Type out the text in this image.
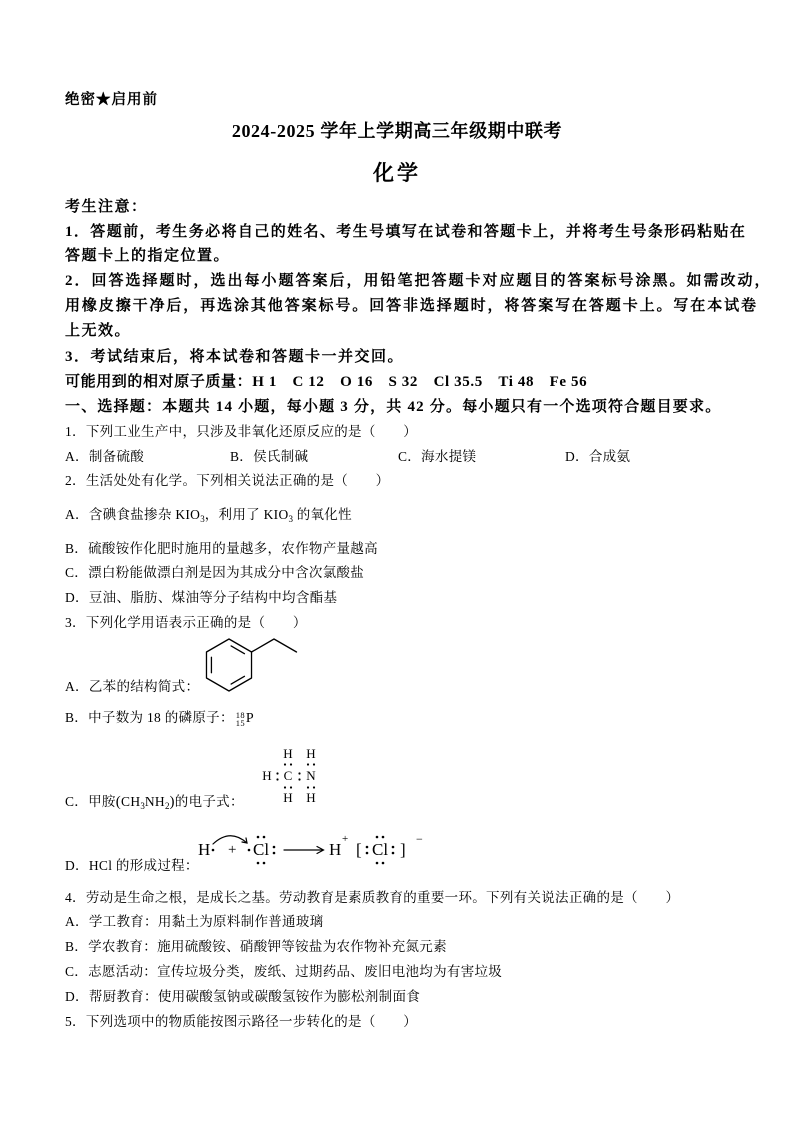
绝密★启用前
2024-2025 学年上学期高三年级期中联考
化学
考生注意：
1．答题前，考生务必将自己的姓名、考生号填写在试卷和答题卡上，并将考生号条形码粘贴在
答题卡上的指定位置。
2．回答选择题时，选出每小题答案后，用铅笔把答题卡对应题目的答案标号涂黑。如需改动，
用橡皮擦干净后，再选涂其他答案标号。回答非选择题时，将答案写在答题卡上。写在本试卷
上无效。
3．考试结束后，将本试卷和答题卡一并交回。
可能用到的相对原子质量：H 1　C 12　O 16　S 32　Cl 35.5　Ti 48　Fe 56
一、选择题：本题共 14 小题，每小题 3 分，共 42 分。每小题只有一个选项符合题目要求。
1．下列工业生产中，只涉及非氧化还原反应的是（　　）
A．制备硫酸	B．侯氏制碱	C．海水提镁	D．合成氨
2．生活处处有化学。下列相关说法正确的是（　　）
A．含碘食盐掺杂 $KIO_3$，利用了 $KIO_3$ 的氧化性
B．硫酸铵作化肥时施用的量越多，农作物产量越高
C．漂白粉能做漂白剂是因为其成分中含次氯酸盐
D．豆油、脂肪、煤油等分子结构中均含酯基
3．下列化学用语表示正确的是（　　）
A．乙苯的结构简式：
B．中子数为 18 的磷原子： 18
15 P
H H
H C N
H H
C．甲胺$(CH_3NH_2)$的电子式：
H + Cl	H
+
[ Cl ]
−
D．HCl 的形成过程：
4．劳动是生命之根，是成长之基。劳动教育是素质教育的重要一环。下列有关说法正确的是（　　）
A．学工教育：用黏土为原料制作普通玻璃
B．学农教育：施用硫酸铵、硝酸钾等铵盐为农作物补充氮元素
C．志愿活动：宣传垃圾分类，废纸、过期药品、废旧电池均为有害垃圾
D．帮厨教育：使用碳酸氢钠或碳酸氢铵作为膨松剂制面食
5．下列选项中的物质能按图示路径一步转化的是（　　）
